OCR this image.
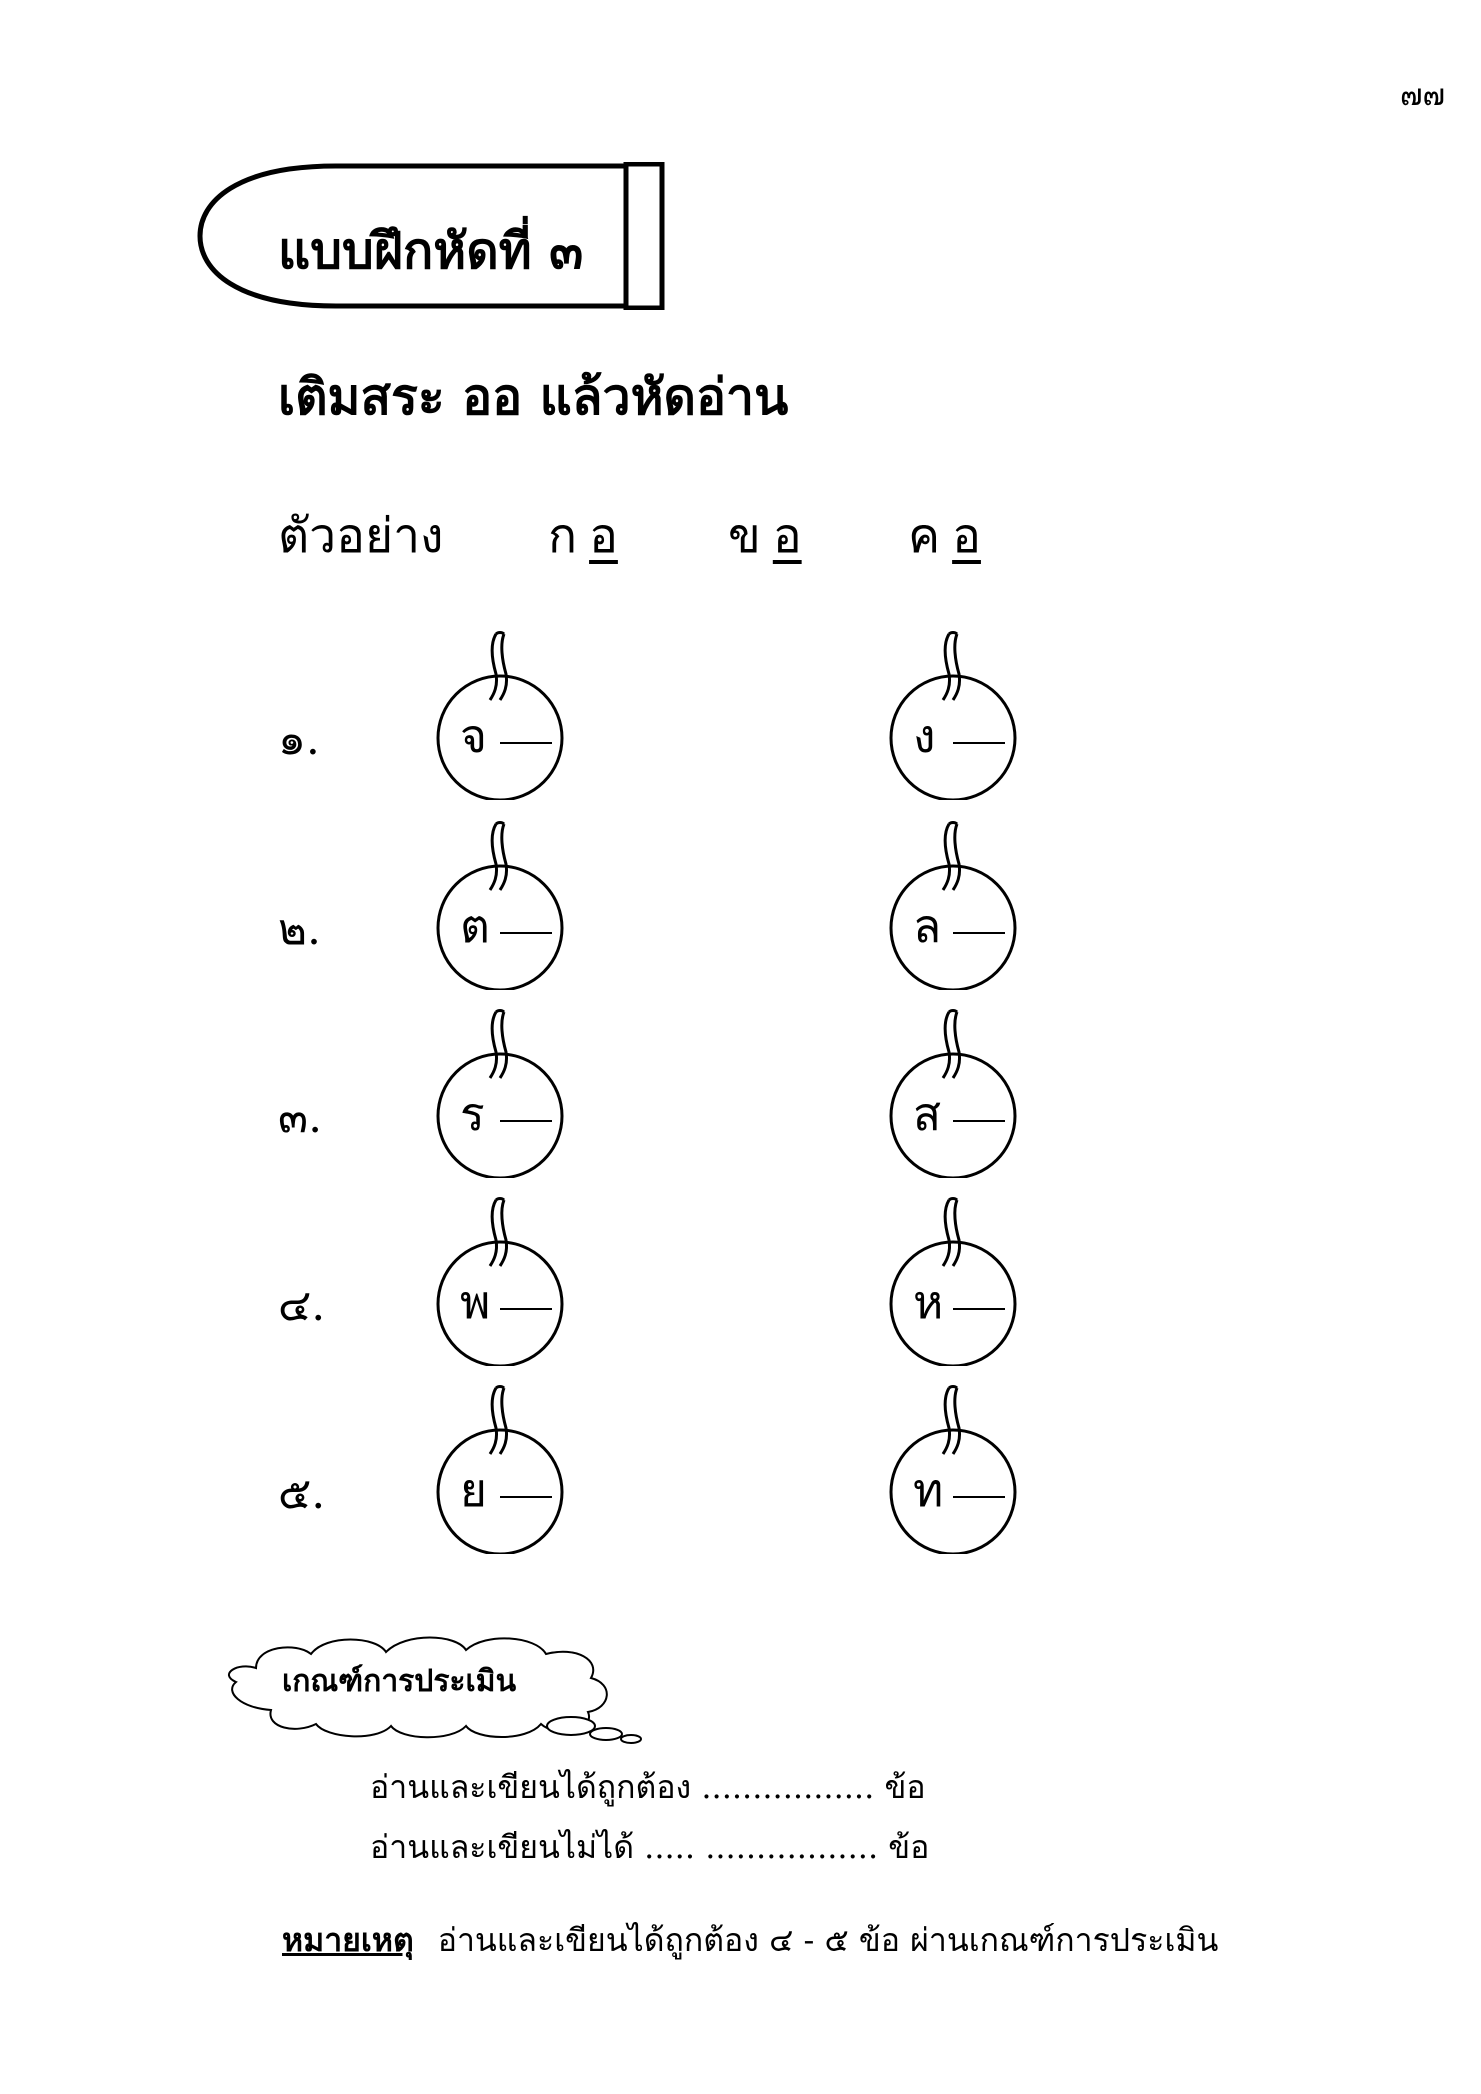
๗๗
แบบฝึกหัดที่ ๓
เติมสระ ออ แล้วหัดอ่าน
ตัวอย่าง ก อ ข อ ค อ
๑.	จ	ง
๒.	ต	ล
๓.	ร	ส
๔.	พ	ห
๕.	ย	ท
เกณฑ์การประเมิน
อ่านและเขียนได้ถูกต้อง ................. ข้อ
อ่านและเขียนไม่ได้ ..... ................. ข้อ
หมายเหตุ อ่านและเขียนได้ถูกต้อง ๔ - ๕ ข้อ ผ่านเกณฑ์การประเมิน
